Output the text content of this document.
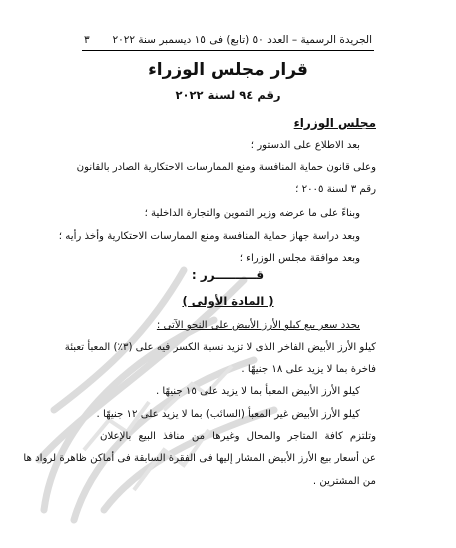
٣ الجريدة الرسمية – العدد ٥٠ (تابع) فى ١٥ ديسمبر سنة ٢٠٢٢
قرار مجلس الوزراء
رقم ٩٤ لسنة ٢٠٢٢
مجلس الوزراء
بعد الاطلاع على الدستور ؛
وعلى قانون حماية المنافسة ومنع الممارسات الاحتكارية الصادر بالقانون
رقم ٣ لسنة ٢٠٠٥ ؛
وبناءً على ما عرضه وزير التموين والتجارة الداخلية ؛
وبعد دراسة جهاز حماية المنافسة ومنع الممارسات الاحتكارية وأخذ رأيه ؛
وبعد موافقة مجلس الوزراء ؛
قــــــــــرر :
( المادة الأولى )
يحدد سعر بيع كيلو الأرز الأبيض على النحو الآتى :
كيلو الأرز الأبيض الفاخر الذى لا تزيد نسبة الكسر فيه على (٣٪) المعبأ تعبئة
فاخرة بما لا يزيد على ١٨ جنيهًا .
كيلو الأرز الأبيض المعبأ بما لا يزيد على ١٥ جنيهًا .
كيلو الأرز الأبيض غير المعبأ (السائب) بما لا يزيد على ١٢ جنيهًا .
وتلتزم كافة المتاجر والمحال وغيرها من منافذ البيع بالإعلان
عن أسعار بيع الأرز الأبيض المشار إليها فى الفقرة السابقة فى أماكن ظاهرة لرواد ها
من المشترين .
